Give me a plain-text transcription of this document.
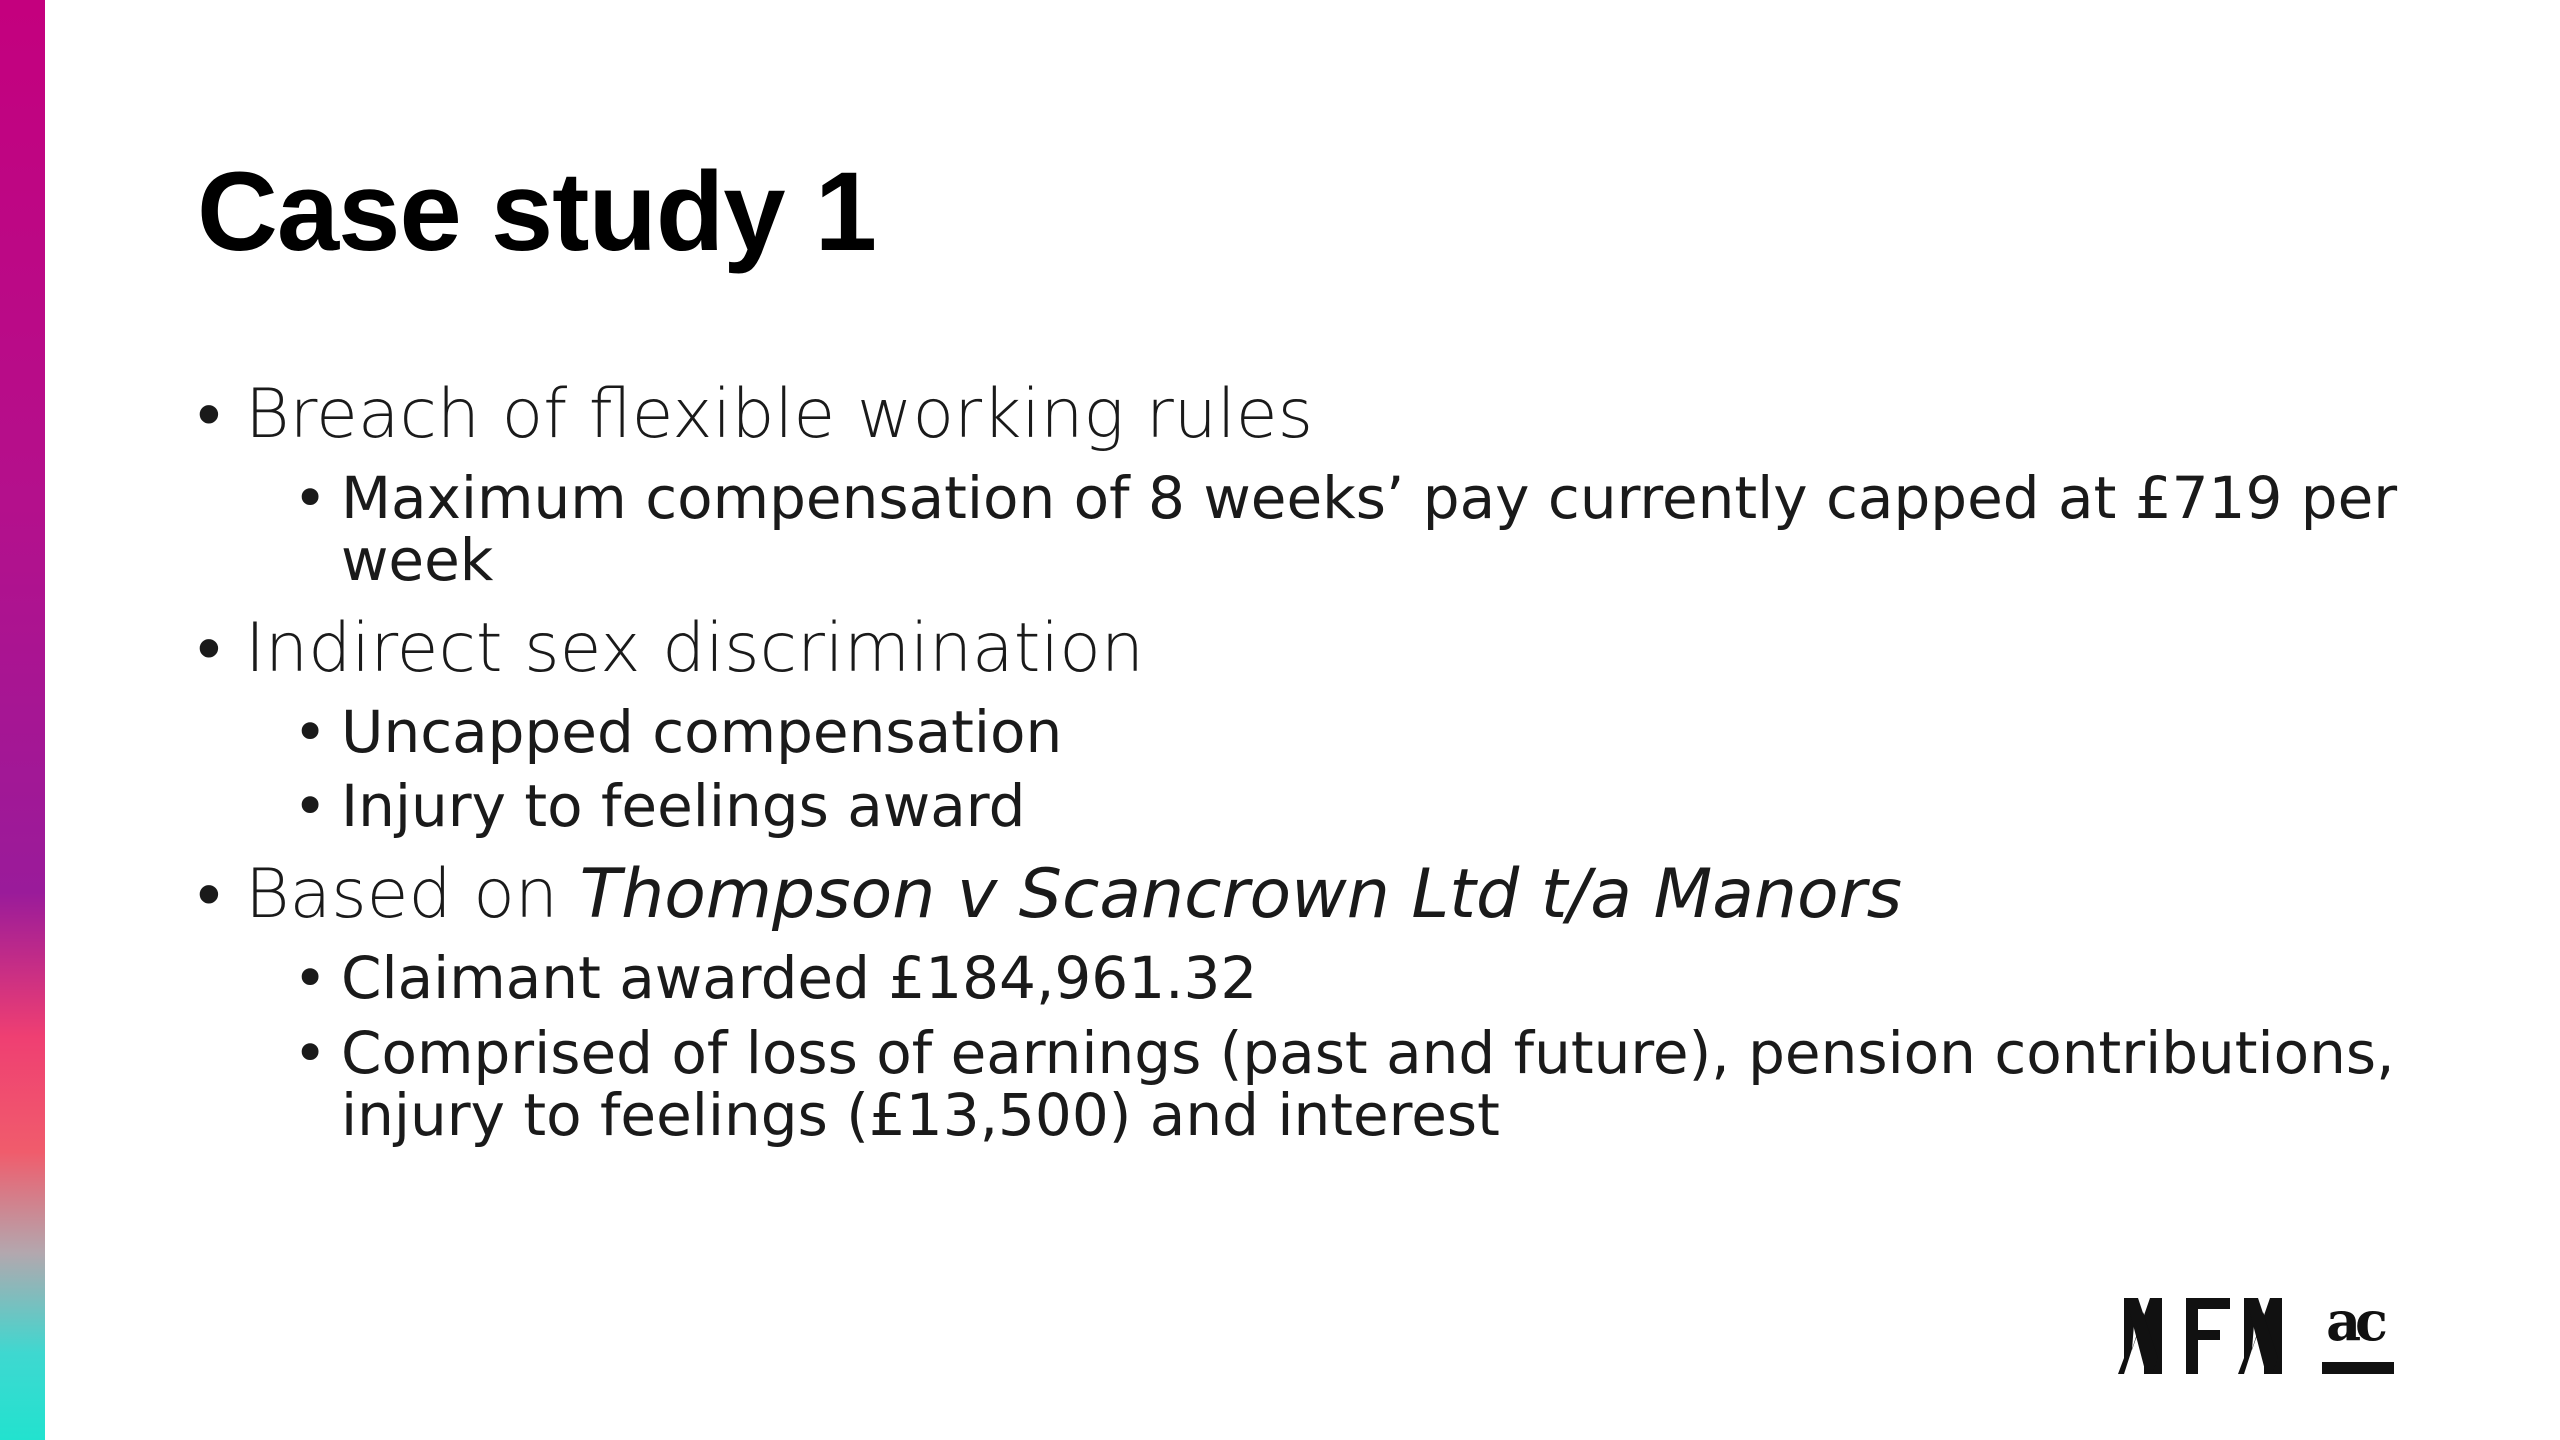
Case study 1
• Breach of flexible working rules
• Maximum compensation of 8 weeks’ pay currently capped at £719 per week
• Indirect sex discrimination
• Uncapped compensation
• Injury to feelings award
• Based on Thompson v Scancrown Ltd t/a Manors
• Claimant awarded £184,961.32
• Comprised of loss of earnings (past and future), pension contributions, injury to feelings (£13,500) and interest
ac
